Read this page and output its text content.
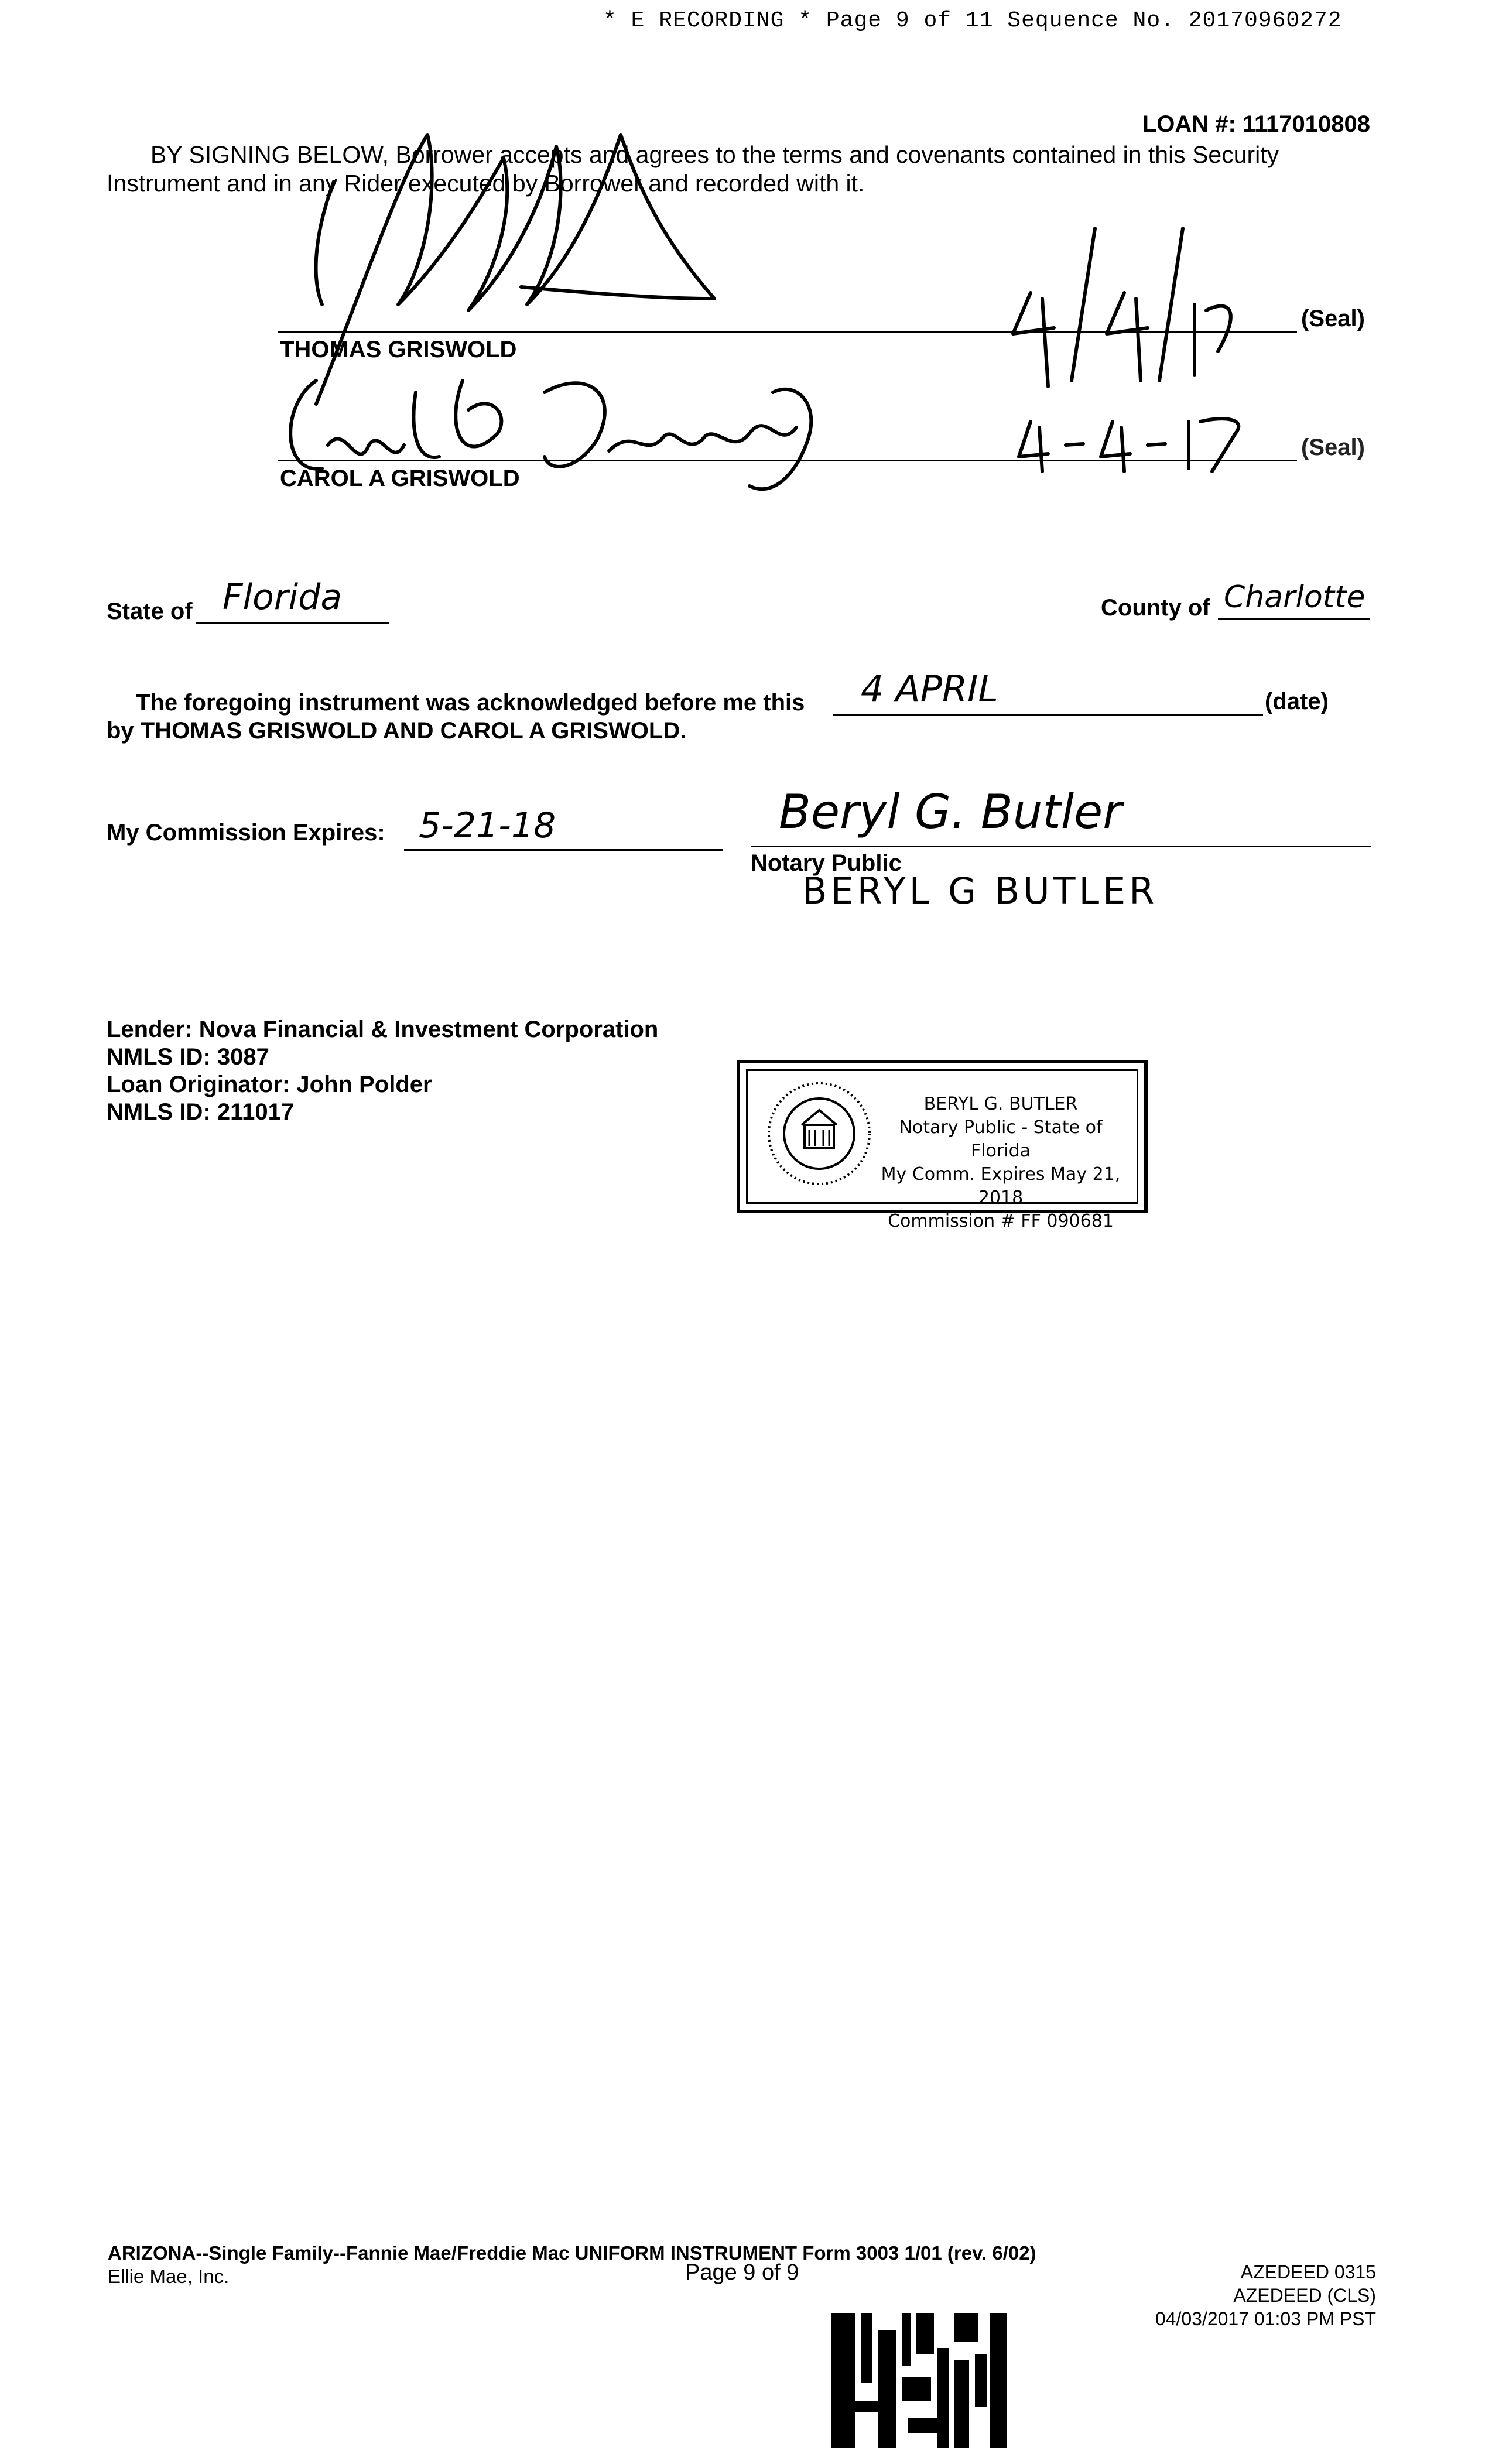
* E RECORDING * Page 9 of 11 Sequence No. 20170960272
LOAN #: 1117010808
BY SIGNING BELOW, Borrower accepts and agrees to the terms and covenants contained in this Security
Instrument and in any Rider executed by Borrower and recorded with it.
THOMAS GRISWOLD
(Seal)
CAROL A GRISWOLD
(Seal)
State of Florida	County of Charlotte
The foregoing instrument was acknowledged before me this 4 APRIL	(date)
by THOMAS GRISWOLD AND CAROL A GRISWOLD.
My Commission Expires: 5-21-18	Beryl G. Butler
Notary Public
BERYL G BUTLER
Lender: Nova Financial & Investment Corporation
NMLS ID: 3087
Loan Originator: John Polder
NMLS ID: 211017	BERYL G. BUTLER
Notary Public - State of Florida
My Comm. Expires May 21, 2018
Commission # FF 090681
ARIZONA--Single Family--Fannie Mae/Freddie Mac UNIFORM INSTRUMENT Form 3003 1/01 (rev. 6/02)
Ellie Mae, Inc.	Page 9 of 9	AZEDEED 0315
AZEDEED (CLS)
04/03/2017 01:03 PM PST
